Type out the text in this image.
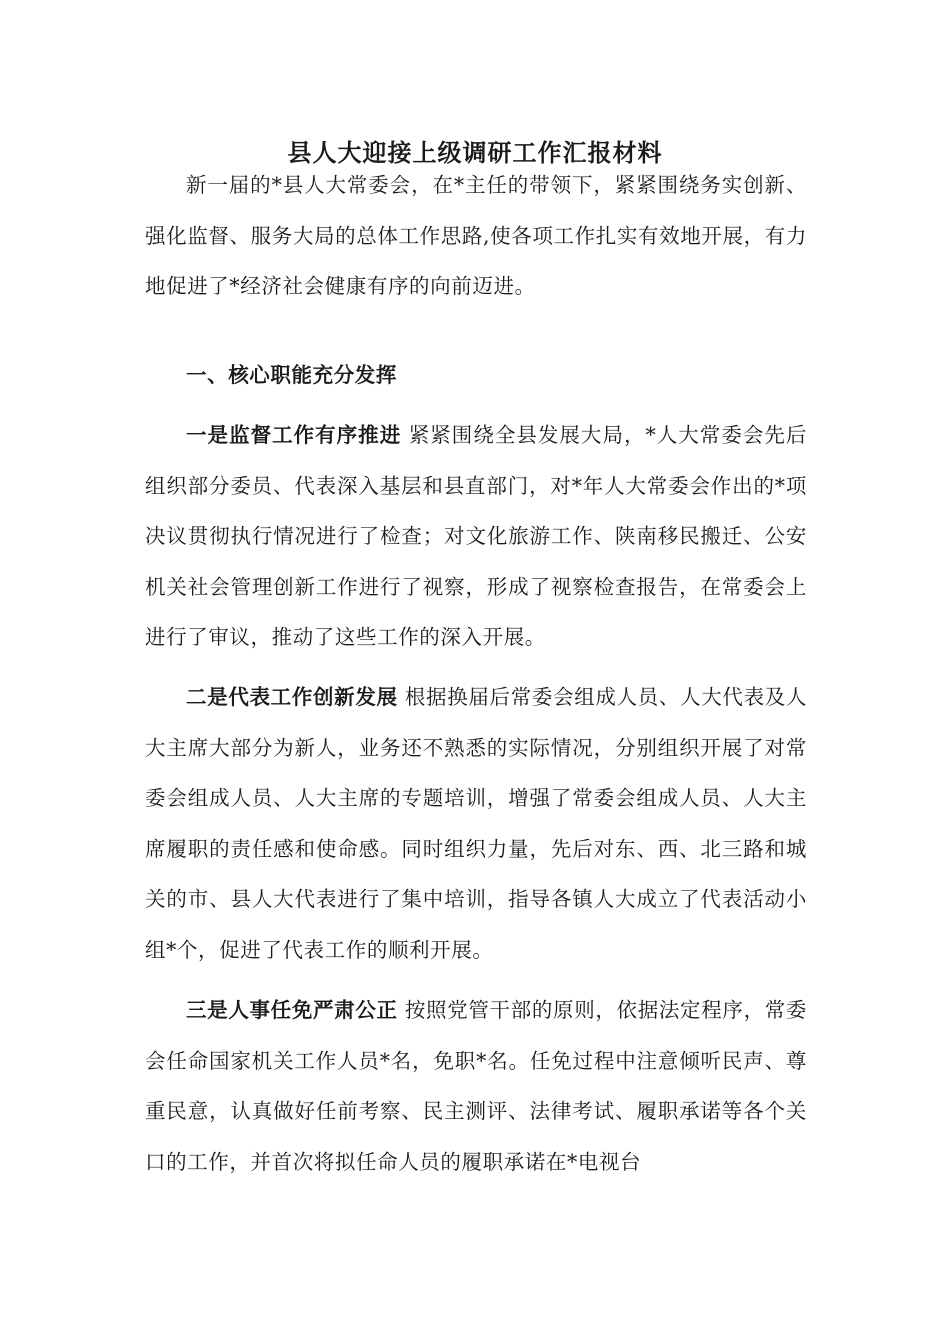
县人大迎接上级调研工作汇报材料

新一届的*县人大常委会，在*主任的带领下，紧紧围绕务实创新、强化监督、服务大局的总体工作思路,使各项工作扎实有效地开展，有力地促进了*经济社会健康有序的向前迈进。

一、核心职能充分发挥

一是监督工作有序推进 紧紧围绕全县发展大局，*人大常委会先后组织部分委员、代表深入基层和县直部门，对*年人大常委会作出的*项决议贯彻执行情况进行了检查；对文化旅游工作、陕南移民搬迁、公安机关社会管理创新工作进行了视察，形成了视察检查报告，在常委会上进行了审议，推动了这些工作的深入开展。

二是代表工作创新发展 根据换届后常委会组成人员、人大代表及人大主席大部分为新人，业务还不熟悉的实际情况，分别组织开展了对常委会组成人员、人大主席的专题培训，增强了常委会组成人员、人大主席履职的责任感和使命感。同时组织力量，先后对东、西、北三路和城关的市、县人大代表进行了集中培训，指导各镇人大成立了代表活动小组*个，促进了代表工作的顺利开展。

三是人事任免严肃公正 按照党管干部的原则，依据法定程序，常委会任命国家机关工作人员*名，免职*名。任免过程中注意倾听民声、尊重民意，认真做好任前考察、民主测评、法律考试、履职承诺等各个关口的工作，并首次将拟任命人员的履职承诺在*电视台
